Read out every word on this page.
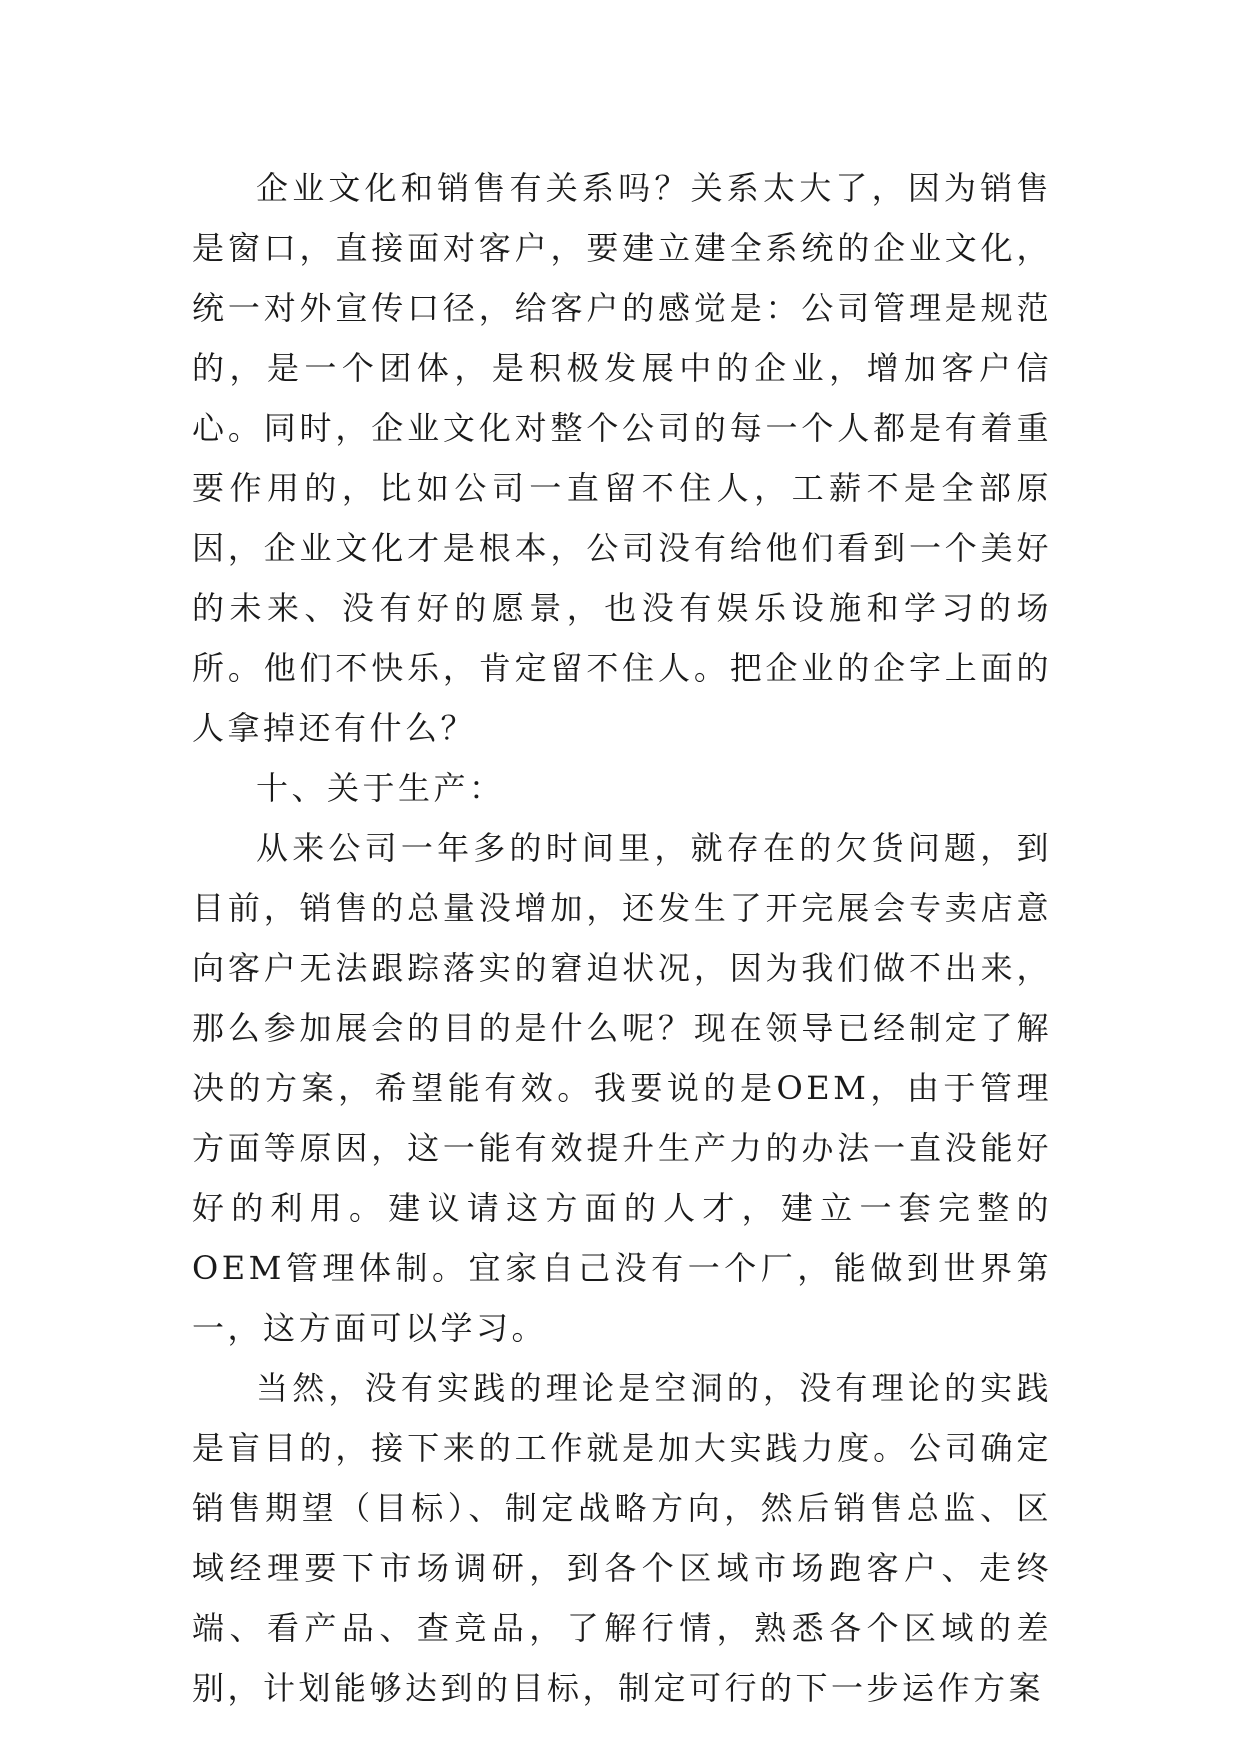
企业文化和销售有关系吗？关系太大了，因为销售是窗口，直接面对客户，要建立建全系统的企业文化，统一对外宣传口径，给客户的感觉是：公司管理是规范的，是一个团体，是积极发展中的企业，增加客户信心。同时，企业文化对整个公司的每一个人都是有着重要作用的，比如公司一直留不住人，工薪不是全部原因，企业文化才是根本，公司没有给他们看到一个美好的未来、没有好的愿景，也没有娱乐设施和学习的场所。他们不快乐，肯定留不住人。把企业的企字上面的人拿掉还有什么？

十、关于生产：

从来公司一年多的时间里，就存在的欠货问题，到目前，销售的总量没增加，还发生了开完展会专卖店意向客户无法跟踪落实的窘迫状况，因为我们做不出来，那么参加展会的目的是什么呢？现在领导已经制定了解决的方案，希望能有效。我要说的是OEM，由于管理方面等原因，这一能有效提升生产力的办法一直没能好好的利用。建议请这方面的人才，建立一套完整的OEM管理体制。宜家自己没有一个厂，能做到世界第一，这方面可以学习。

当然，没有实践的理论是空洞的，没有理论的实践是盲目的，接下来的工作就是加大实践力度。公司确定销售期望（目标）、制定战略方向，然后销售总监、区域经理要下市场调研，到各个区域市场跑客户、走终端、看产品、查竞品，了解行情，熟悉各个区域的差别，计划能够达到的目标，制定可行的下一步运作方案
